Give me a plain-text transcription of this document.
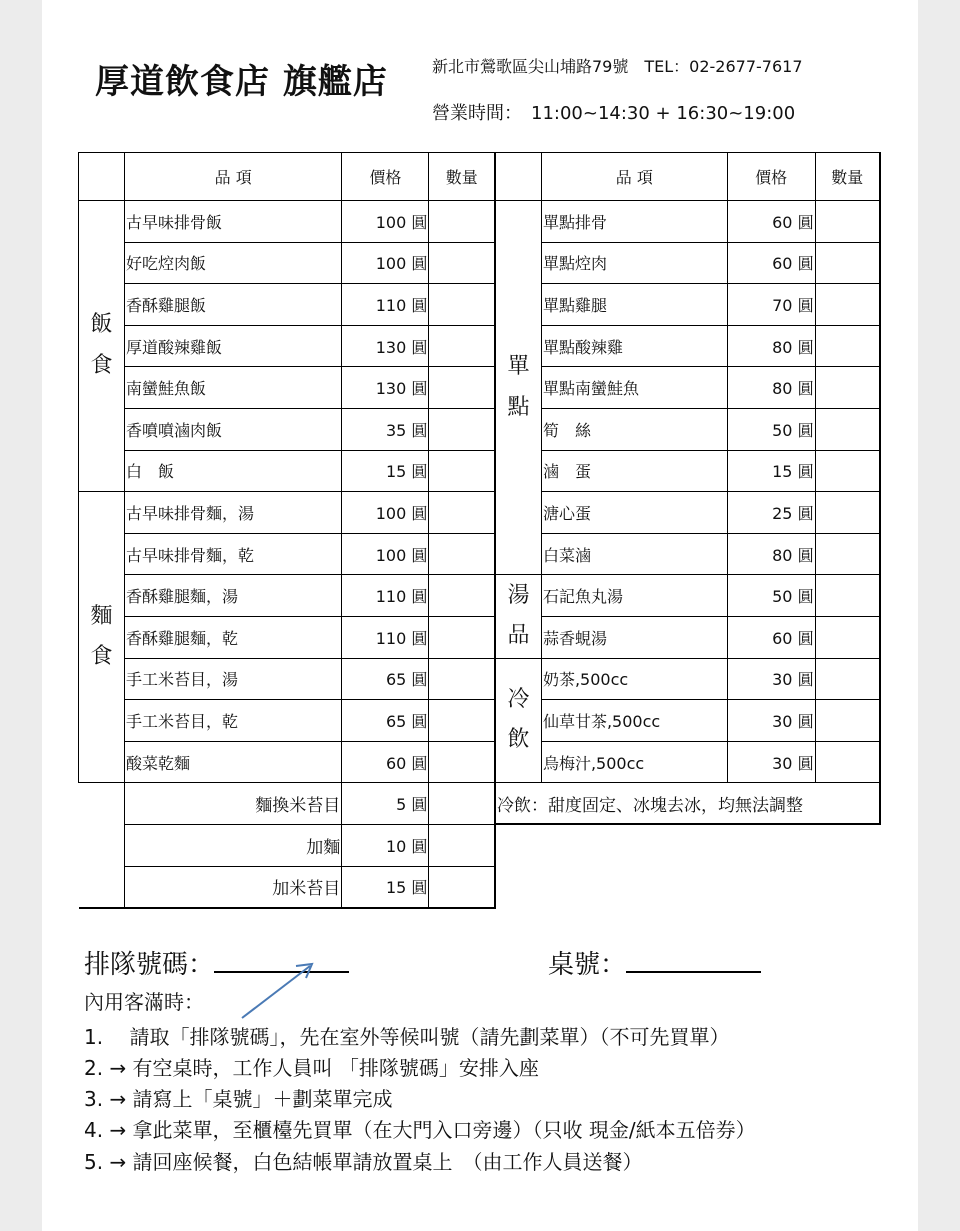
厚道飲食店 旗艦店	新北市鶯歌區尖山埔路79號　TEL：02-2677-7617
營業時間：　11:00~14:30 + 16:30~19:00
	品 項	價格	數量

飯
食	古早味排骨飯	100 圓	
	好吃焢肉飯	100 圓	
	香酥雞腿飯	110 圓	
	厚道酸辣雞飯	130 圓	
	南蠻鮭魚飯	130 圓	
	香噴噴滷肉飯	35 圓	
	白　飯	15 圓	

麵
食	古早味排骨麵，湯	100 圓	
	古早味排骨麵，乾	100 圓	
	香酥雞腿麵，湯	110 圓	
	香酥雞腿麵，乾	110 圓	
	手工米苔目，湯	65 圓	
	手工米苔目，乾	65 圓	
	酸菜乾麵	60 圓	
	麵換米苔目	5 圓	
	加麵	10 圓	
	加米苔目	15 圓	
	品 項	價格	數量

單
點	單點排骨	60 圓	
	單點焢肉	60 圓	
	單點雞腿	70 圓	
	單點酸辣雞	80 圓	
	單點南蠻鮭魚	80 圓	
	筍　絲	50 圓	
	滷　蛋	15 圓	
	溏心蛋	25 圓	
	白菜滷	80 圓	

湯
品	石記魚丸湯	50 圓	
	蒜香蜆湯	60 圓	

冷
飲	奶茶,500cc	30 圓	
	仙草甘茶,500cc	30 圓	
	烏梅汁,500cc	30 圓	
冷飲：甜度固定、冰塊去冰，均無法調整			
排隊號碼：	桌號：
內用客滿時：
1.　 請取「排隊號碼」，先在室外等候叫號（請先劃菜單）（不可先買單）
2. → 有空桌時，工作人員叫 「排隊號碼」安排入座
3. → 請寫上「桌號」＋劃菜單完成
4. → 拿此菜單，至櫃檯先買單（在大門入口旁邊）（只收 現金/紙本五倍券）
5. → 請回座候餐，白色結帳單請放置桌上　（由工作人員送餐）
